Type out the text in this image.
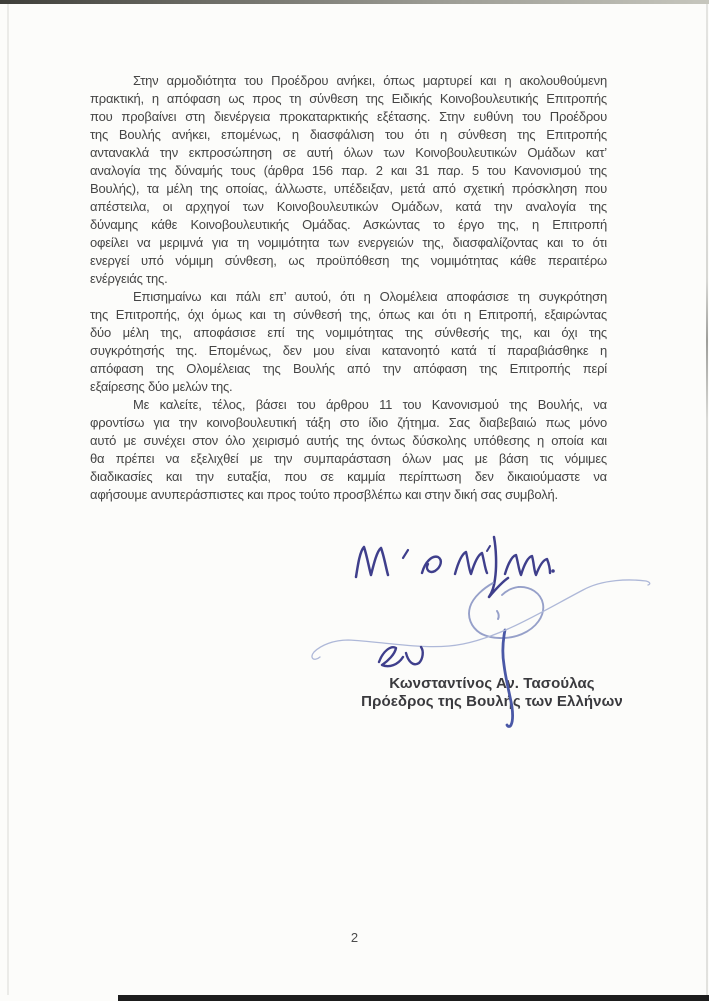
Στην αρμοδιότητα του Προέδρου ανήκει, όπως μαρτυρεί και η ακολουθούμενη
πρακτική, η απόφαση ως προς τη σύνθεση της Ειδικής Κοινοβουλευτικής Επιτροπής
που προβαίνει στη διενέργεια προκαταρκτικής εξέτασης. Στην ευθύνη του Προέδρου
της Βουλής ανήκει, επομένως, η διασφάλιση του ότι η σύνθεση της Επιτροπής
αντανακλά την εκπροσώπηση σε αυτή όλων των Κοινοβουλευτικών Ομάδων κατ’
αναλογία της δύναμής τους (άρθρα 156 παρ. 2 και 31 παρ. 5 του Κανονισμού της
Βουλής), τα μέλη της οποίας, άλλωστε, υπέδειξαν, μετά από σχετική πρόσκληση που
απέστειλα, οι αρχηγοί των Κοινοβουλευτικών Ομάδων, κατά την αναλογία της
δύναμης κάθε Κοινοβουλευτικής Ομάδας. Ασκώντας το έργο της, η Επιτροπή
οφείλει να μεριμνά για τη νομιμότητα των ενεργειών της, διασφαλίζοντας και το ότι
ενεργεί υπό νόμιμη σύνθεση, ως προϋπόθεση της νομιμότητας κάθε περαιτέρω
ενέργειάς της.
Επισημαίνω και πάλι επ’ αυτού, ότι η Ολομέλεια αποφάσισε τη συγκρότηση
της Επιτροπής, όχι όμως και τη σύνθεσή της, όπως και ότι η Επιτροπή, εξαιρώντας
δύο μέλη της, αποφάσισε επί της νομιμότητας της σύνθεσής της, και όχι της
συγκρότησής της. Επομένως, δεν μου είναι κατανοητό κατά τί παραβιάσθηκε η
απόφαση της Ολομέλειας της Βουλής από την απόφαση της Επιτροπής περί
εξαίρεσης δύο μελών της.
Με καλείτε, τέλος, βάσει του άρθρου 11 του Κανονισμού της Βουλής, να
φροντίσω για την κοινοβουλευτική τάξη στο ίδιο ζήτημα. Σας διαβεβαιώ πως μόνο
αυτό με συνέχει στον όλο χειρισμό αυτής της όντως δύσκολης υπόθεσης η οποία και
θα πρέπει να εξελιχθεί με την συμπαράσταση όλων μας με βάση τις νόμιμες
διαδικασίες και την ευταξία, που σε καμμία περίπτωση δεν δικαιούμαστε να
αφήσουμε ανυπεράσπιστες και προς τούτο προσβλέπω και στην δική σας συμβολή.
Κωνσταντίνος Αν. Τασούλας
Πρόεδρος της Βουλής των Ελλήνων
2
